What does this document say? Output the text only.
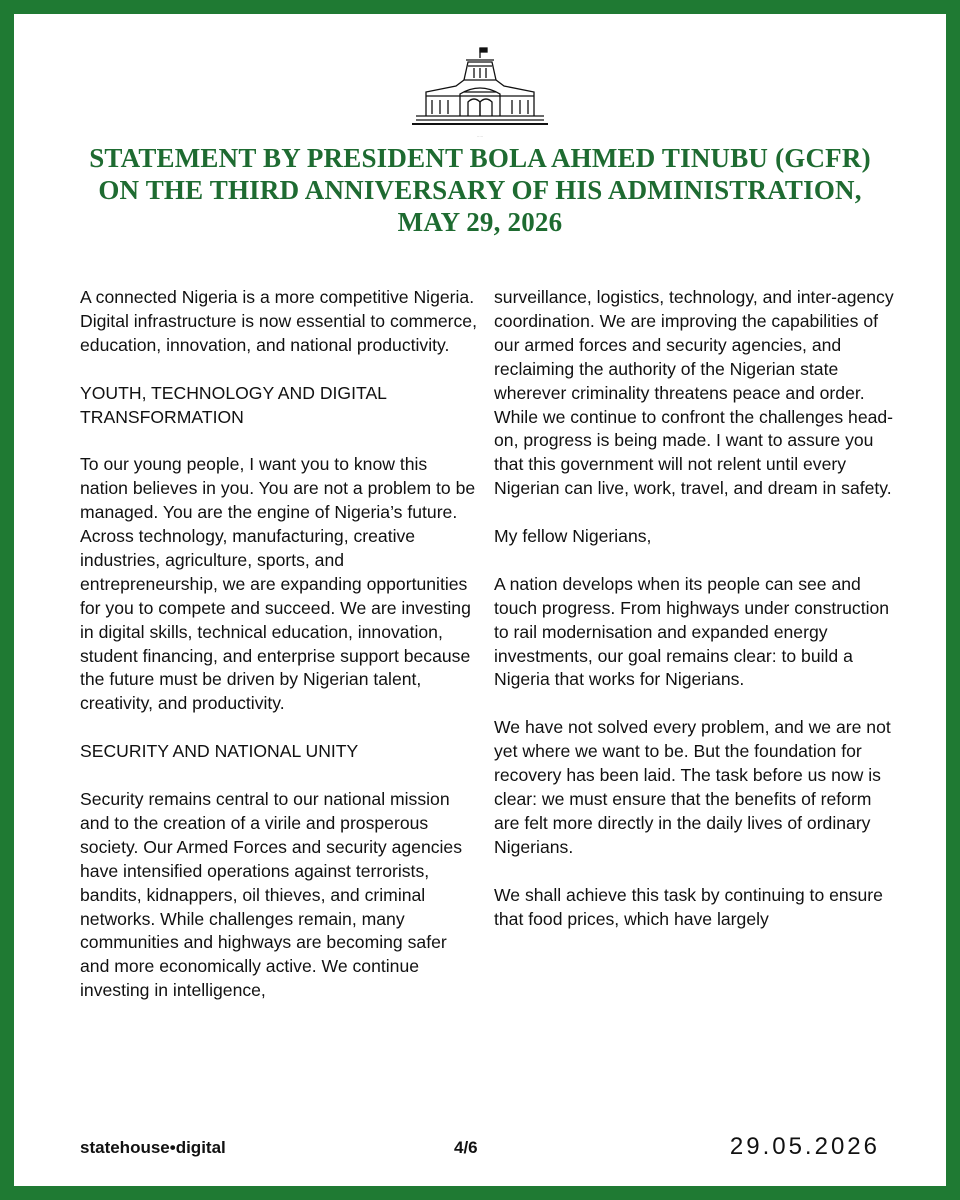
·····
STATEMENT BY PRESIDENT BOLA AHMED TINUBU (GCFR)
ON THE THIRD ANNIVERSARY OF HIS ADMINISTRATION,
MAY 29, 2026

A connected Nigeria is a more competitive Nigeria. Digital infrastructure is now essential to commerce, education, innovation, and national productivity.

YOUTH, TECHNOLOGY AND DIGITAL TRANSFORMATION

To our young people, I want you to know this nation believes in you. You are not a problem to be managed. You are the engine of Nigeria’s future. Across technology, manufacturing, creative industries, agriculture, sports, and entrepreneurship, we are expanding opportunities for you to compete and succeed. We are investing in digital skills, technical education, innovation, student financing, and enterprise support because the future must be driven by Nigerian talent, creativity, and productivity.

SECURITY AND NATIONAL UNITY

Security remains central to our national mission and to the creation of a virile and prosperous society. Our Armed Forces and security agencies have intensified operations against terrorists, bandits, kidnappers, oil thieves, and criminal networks. While challenges remain, many communities and highways are becoming safer and more economically active. We continue investing in intelligence,

surveillance, logistics, technology, and inter-agency coordination. We are improving the capabilities of our armed forces and security agencies, and reclaiming the authority of the Nigerian state wherever criminality threatens peace and order. While we continue to confront the challenges head-on, progress is being made. I want to assure you that this government will not relent until every Nigerian can live, work, travel, and dream in safety.

My fellow Nigerians,

A nation develops when its people can see and touch progress. From highways under construction to rail modernisation and expanded energy investments, our goal remains clear: to build a Nigeria that works for Nigerians.

We have not solved every problem, and we are not yet where we want to be. But the foundation for recovery has been laid. The task before us now is clear: we must ensure that the benefits of reform are felt more directly in the daily lives of ordinary Nigerians.

We shall achieve this task by continuing to ensure that food prices, which have largely

statehouse•digital	4/6	29.05.2026
